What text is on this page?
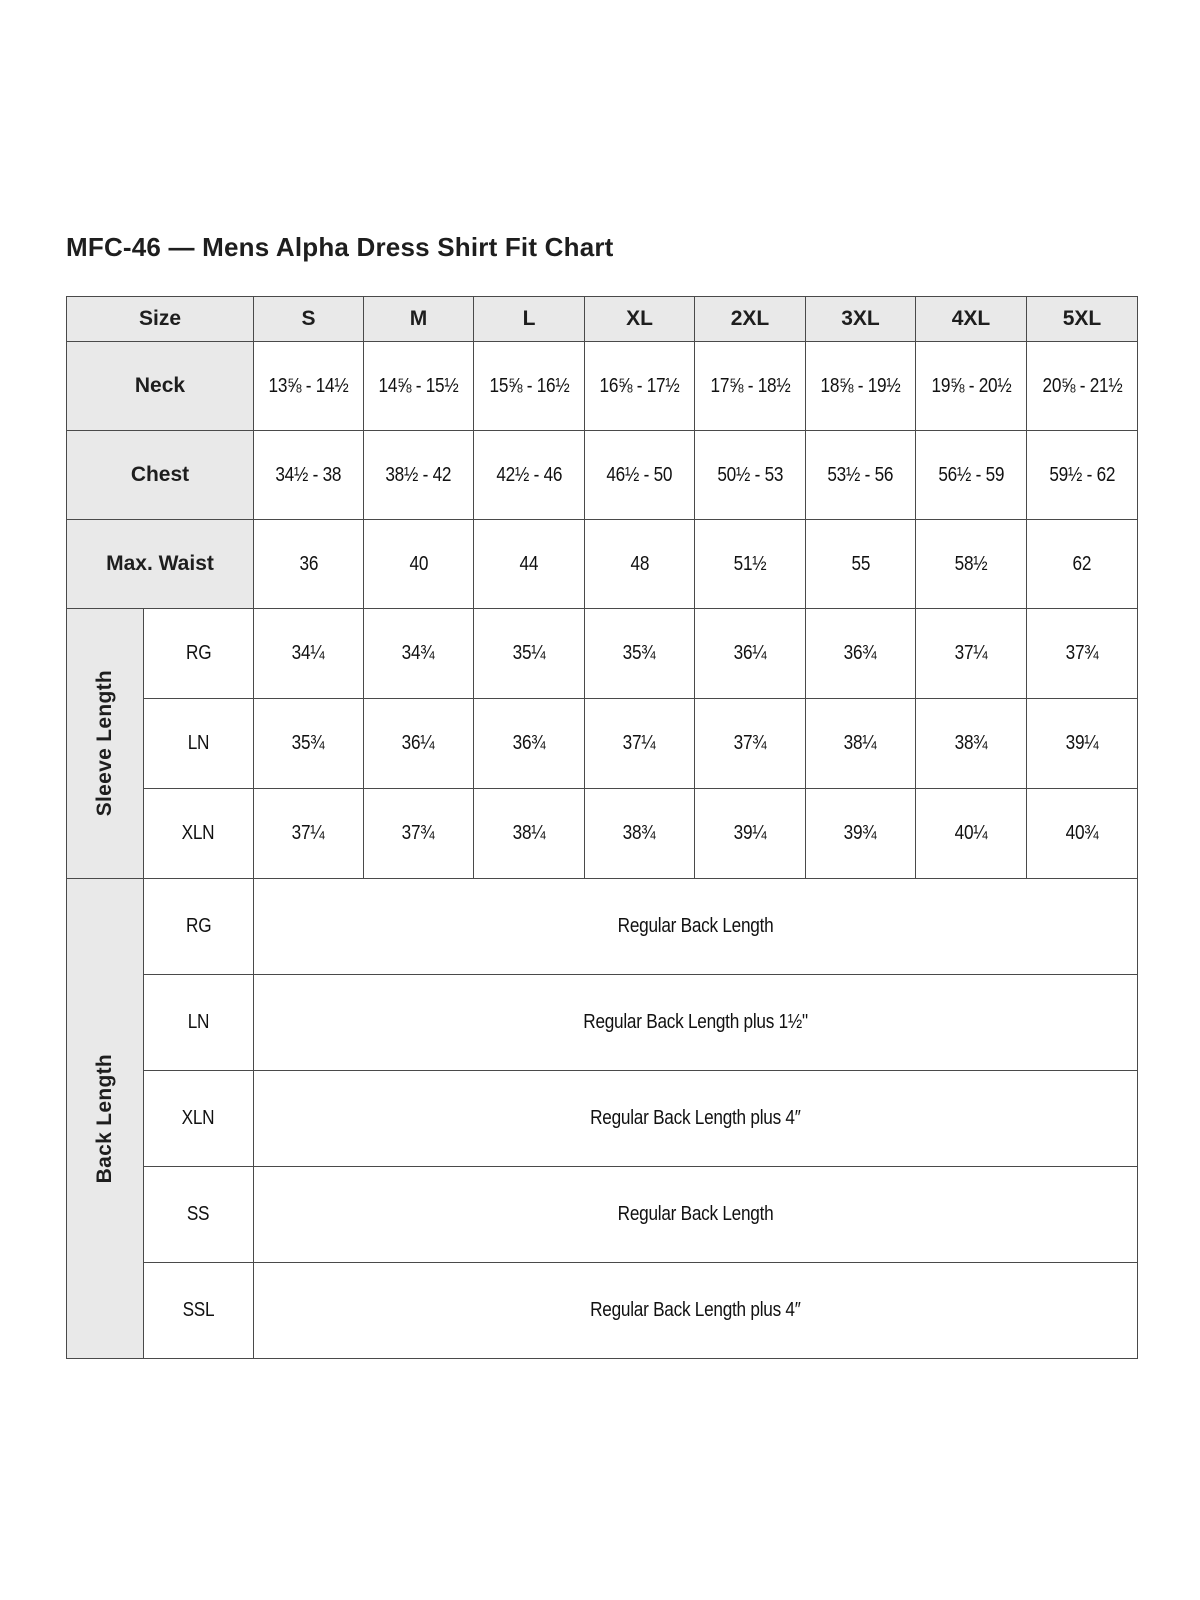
MFC-46 — Mens Alpha Dress Shirt Fit Chart
Size		S	M	L	XL	2XL	3XL	4XL	5XL
Neck		13⅝ - 14½	14⅝ - 15½	15⅝ - 16½	16⅝ - 17½	17⅝ - 18½	18⅝ - 19½	19⅝ - 20½	20⅝ - 21½
Chest		34½ - 38	38½ - 42	42½ - 46	46½ - 50	50½ - 53	53½ - 56	56½ - 59	59½ - 62
Max. Waist		36	40	44	48	51½	55	58½	62

Sleeve Length	RG	34¼	34¾	35¼	35¾	36¼	36¾	37¼	37¾
	LN	35¾	36¼	36¾	37¼	37¾	38¼	38¾	39¼
	XLN	37¼	37¾	38¼	38¾	39¼	39¾	40¼	40¾

Back Length	RG	Regular Back Length							
	LN	Regular Back Length plus 1½"							
	XLN	Regular Back Length plus 4″							
	SS	Regular Back Length							
	SSL	Regular Back Length plus 4″							
